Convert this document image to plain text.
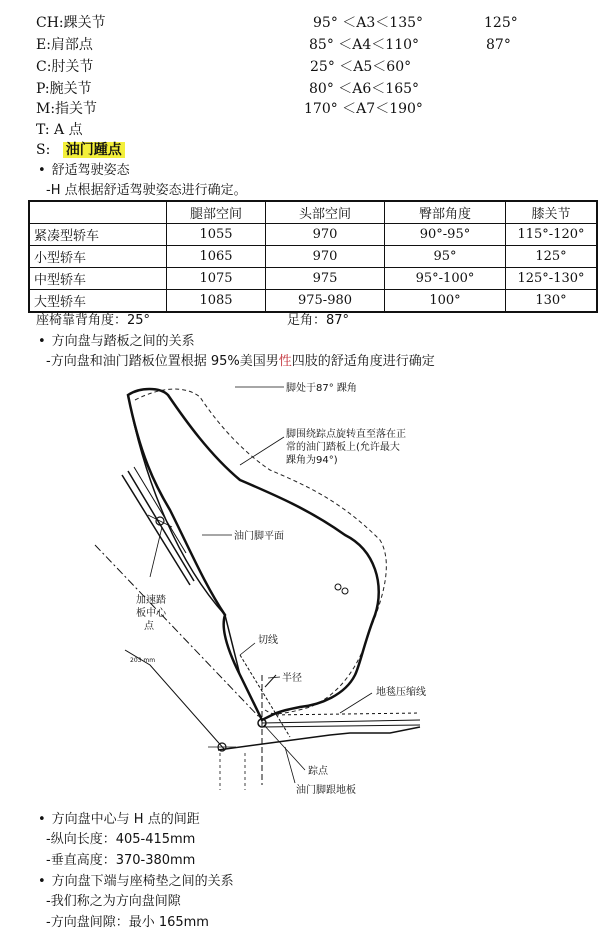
CH:踝关节	95° ＜A3＜135°	125°
E:肩部点	85° ＜A4＜110°	87°
C:肘关节	25° ＜A5＜60°
P:腕关节	80° ＜A6＜165°
M:指关节	170° ＜A7＜190°
T: A 点
S: 油门踵点
• 舒适驾驶姿态
-H 点根据舒适驾驶姿态进行确定。
	腿部空间	头部空间	臀部角度	膝关节
紧凑型轿车	1055	970	90°-95°	115°-120°
小型轿车	1065	970	95°	125°
中型轿车	1075	975	95°-100°	125°-130°
大型轿车	1085	975-980	100°	130°
座椅靠背角度：25°	足角：87°
• 方向盘与踏板之间的关系
-方向盘和油门踏板位置根据 95%美国男性四肢的舒适角度进行确定
脚处于87° 踝角
脚围绕踪点旋转直至落在正
常的油门踏板上(允许最大
踝角为94°)
油门脚平面
加速踏
板中心
点
切线
半径
203 mm
地毯压缩线
踪点
油门脚跟地板
• 方向盘中心与 H 点的间距
-纵向长度：405-415mm
-垂直高度：370-380mm
• 方向盘下端与座椅垫之间的关系
-我们称之为方向盘间隙
-方向盘间隙：最小 165mm
